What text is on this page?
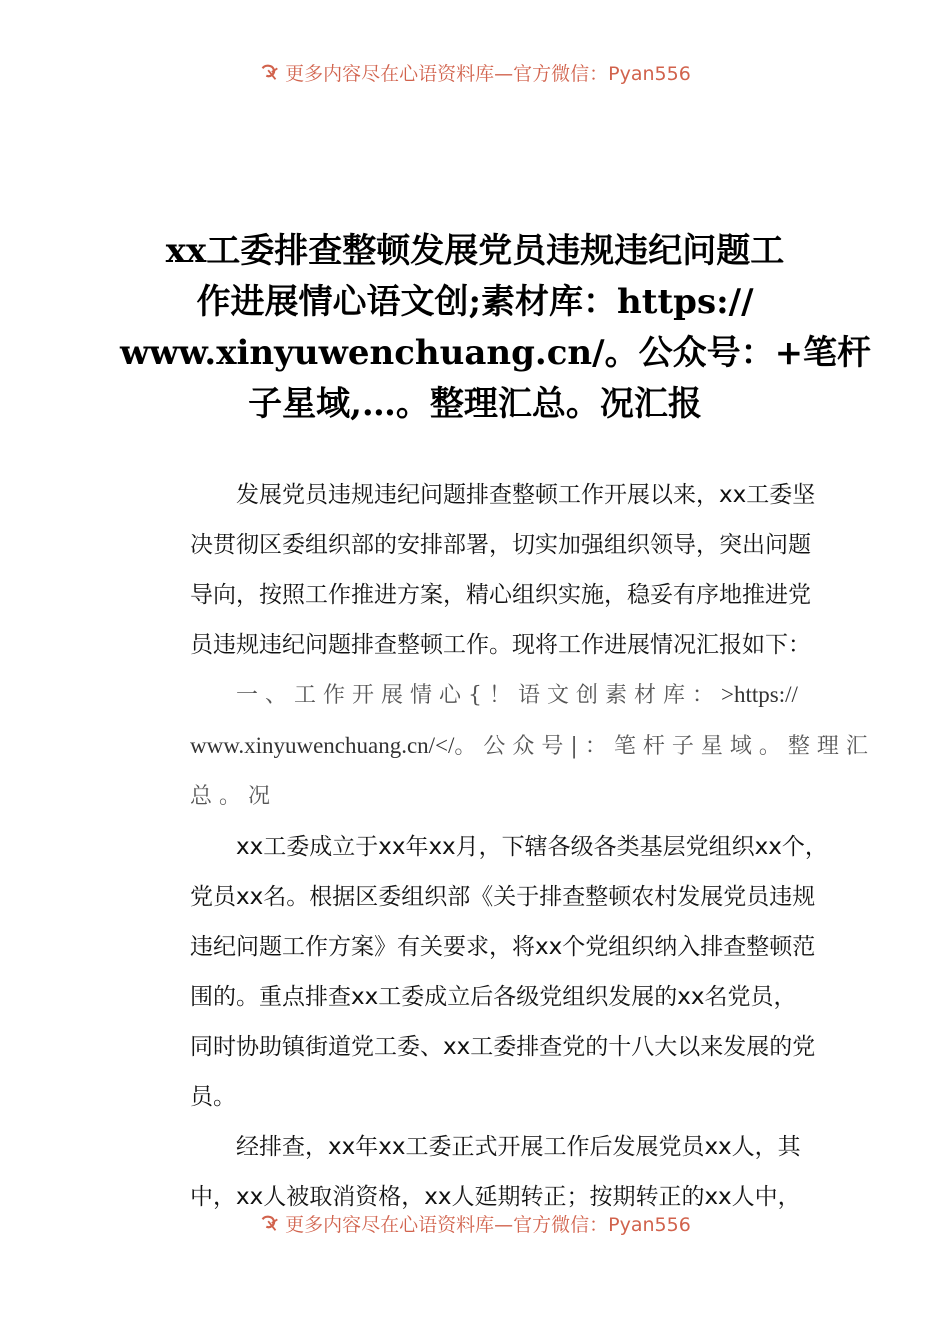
更多内容尽在心语资料库—官方微信：Pyan556
xx工委排查整顿发展党员违规违纪问题工
作进展情心语文创;素材库：https://
www.xinyuwenchuang.cn/。公众号：+笔杆
子星域,…。整理汇总。况汇报
发展党员违规违纪问题排查整顿工作开展以来，xx工委坚
决贯彻区委组织部的安排部署，切实加强组织领导，突出问题
导向，按照工作推进方案，精心组织实施，稳妥有序地推进党
员违规违纪问题排查整顿工作。现将工作进展情况汇报如下：
一、工作开展情心{！语文创素材库：>https://
www.xinyuwenchuang.cn/</。公众号|：笔杆子星域。整理汇
总。况
xx工委成立于xx年xx月，下辖各级各类基层党组织xx个，
党员xx名。根据区委组织部《关于排查整顿农村发展党员违规
违纪问题工作方案》有关要求，将xx个党组织纳入排查整顿范
围的。重点排查xx工委成立后各级党组织发展的xx名党员，
同时协助镇街道党工委、xx工委排查党的十八大以来发展的党
员。
经排查，xx年xx工委正式开展工作后发展党员xx人，其
中，xx人被取消资格，xx人延期转正；按期转正的xx人中，
更多内容尽在心语资料库—官方微信：Pyan556
